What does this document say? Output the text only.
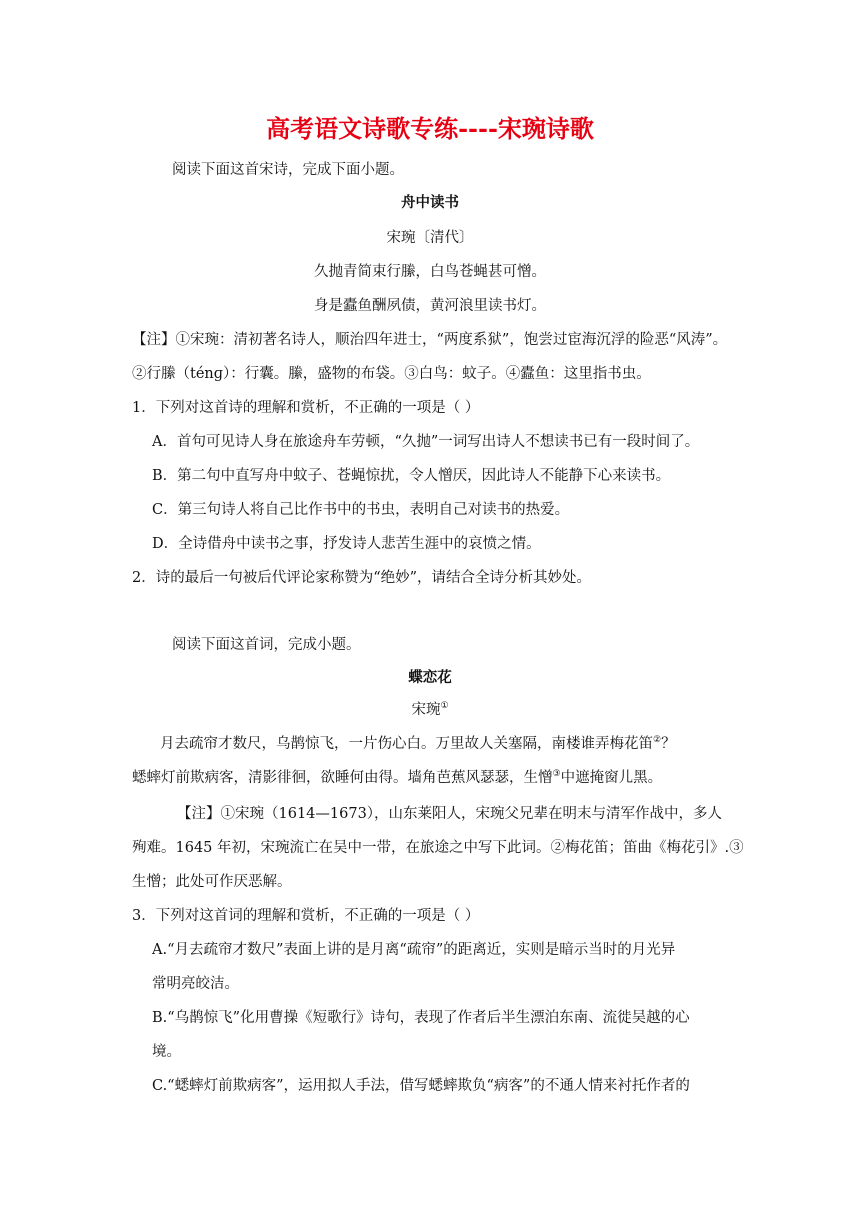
高考语文诗歌专练----宋琬诗歌
阅读下面这首宋诗，完成下面小题。
舟中读书
宋琬〔清代〕
久抛青简束行縢，白鸟苍蝇甚可憎。
身是蠹鱼酬夙债，黄河浪里读书灯。
【注】①宋琬：清初著名诗人，顺治四年进士，“两度系狱”，饱尝过宦海沉浮的险恶“风涛”。
②行縢（ténɡ）：行囊。縢，盛物的布袋。③白鸟：蚊子。④蠹鱼：这里指书虫。
1．下列对这首诗的理解和赏析，不正确的一项是（ ）
A．首句可见诗人身在旅途舟车劳顿，“久抛”一词写出诗人不想读书已有一段时间了。
B．第二句中直写舟中蚊子、苍蝇惊扰，令人憎厌，因此诗人不能静下心来读书。
C．第三句诗人将自己比作书中的书虫，表明自己对读书的热爱。
D．全诗借舟中读书之事，抒发诗人悲苦生涯中的哀愤之情。
2．诗的最后一句被后代评论家称赞为“绝妙”，请结合全诗分析其妙处。
阅读下面这首词，完成小题。
蝶恋花
宋琬①
月去疏帘才数尺，乌鹊惊飞，一片伤心白。万里故人关塞隔，南楼谁弄梅花笛②？
蟋蟀灯前欺病客，清影徘徊，欲睡何由得。墙角芭蕉风瑟瑟，生憎③中遮掩窗儿黑。
【注】①宋琬（1614—1673），山东莱阳人，宋琬父兄辈在明末与清军作战中，多人
殉难。1645 年初，宋琬流亡在吴中一带，在旅途之中写下此词。②梅花笛；笛曲《梅花引》.③
生憎；此处可作厌恶解。
3．下列对这首词的理解和赏析，不正确的一项是（ ）
A.“月去疏帘才数尺”表面上讲的是月离“疏帘”的距离近，实则是暗示当时的月光异
常明亮皎洁。
B.“乌鹊惊飞”化用曹操《短歌行》诗句，表现了作者后半生漂泊东南、流徙吴越的心
境。
C.“蟋蟀灯前欺病客”，运用拟人手法，借写蟋蟀欺负“病客”的不通人情来衬托作者的
